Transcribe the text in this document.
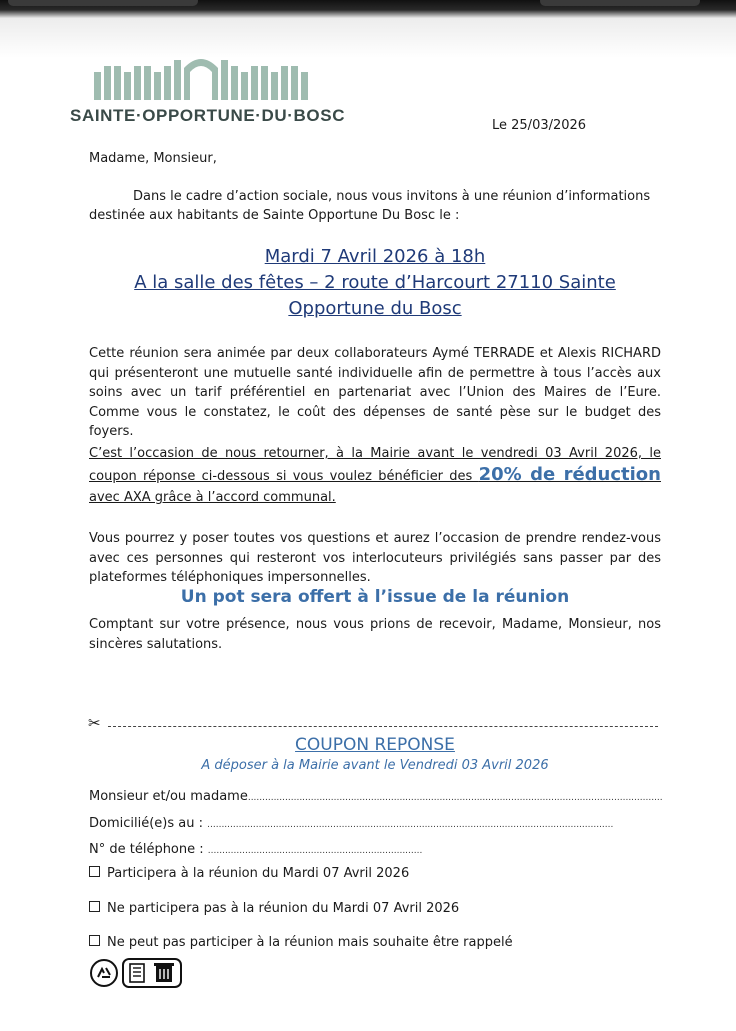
SAINTE·OPPORTUNE·DU·BOSC
Le 25/03/2026
Madame, Monsieur,
Dans le cadre d’action sociale, nous vous invitons à une réunion d’informations destinée aux habitants de Sainte Opportune Du Bosc le :
Mardi 7 Avril 2026 à 18h
A la salle des fêtes – 2 route d’Harcourt 27110 Sainte Opportune du Bosc
Cette réunion sera animée par deux collaborateurs Aymé TERRADE et Alexis RICHARD qui présenteront une mutuelle santé individuelle afin de permettre à tous l’accès aux soins avec un tarif préférentiel en partenariat avec l’Union des Maires de l’Eure. Comme vous le constatez, le coût des dépenses de santé pèse sur le budget des foyers.
C’est l’occasion de nous retourner, à la Mairie avant le vendredi 03 Avril 2026, le coupon réponse ci-dessous si vous voulez bénéficier des 20% de réduction avec AXA grâce à l’accord communal.
Vous pourrez y poser toutes vos questions et aurez l’occasion de prendre rendez-vous avec ces personnes qui resteront vos interlocuteurs privilégiés sans passer par des plateformes téléphoniques impersonnelles.
Un pot sera offert à l’issue de la réunion
Comptant sur votre présence, nous vous prions de recevoir, Madame, Monsieur, nos sincères salutations.
✂
COUPON REPONSE
A déposer à la Mairie avant le Vendredi 03 Avril 2026
Monsieur et/ou madame.................................................................................................................................................
Domicilié(e)s au : ..............................................................................................................................................
N° de téléphone : ...........................................................................
Participera à la réunion du Mardi 07 Avril 2026
Ne participera pas à la réunion du Mardi 07 Avril 2026
Ne peut pas participer à la réunion mais souhaite être rappelé
